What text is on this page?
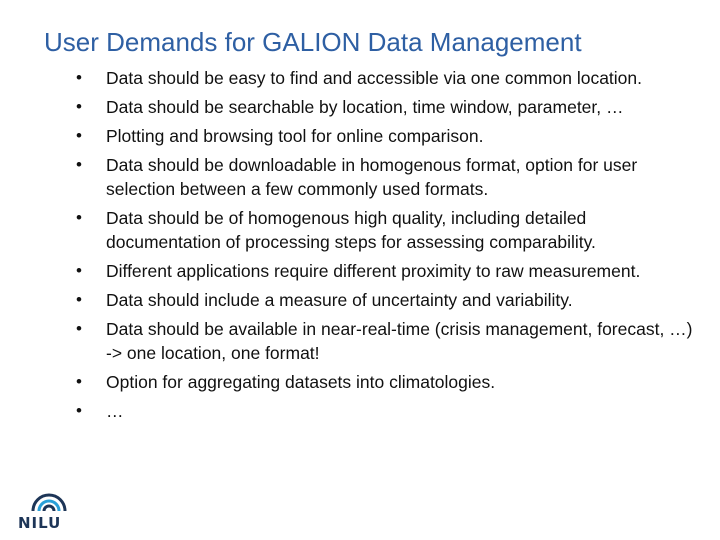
User Demands for GALION Data Management
• Data should be easy to find and accessible via one common location.
• Data should be searchable by location, time window, parameter, …
• Plotting and browsing tool for online comparison.
• Data should be downloadable in homogenous format, option for user selection between a few commonly used formats.
• Data should be of homogenous high quality, including detailed documentation of processing steps for assessing comparability.
• Different applications require different proximity to raw measurement.
• Data should include a measure of uncertainty and variability.
• Data should be available in near-real-time (crisis management, forecast, …) -> one location, one format!
• Option for aggregating datasets into climatologies.
• …
NILU
